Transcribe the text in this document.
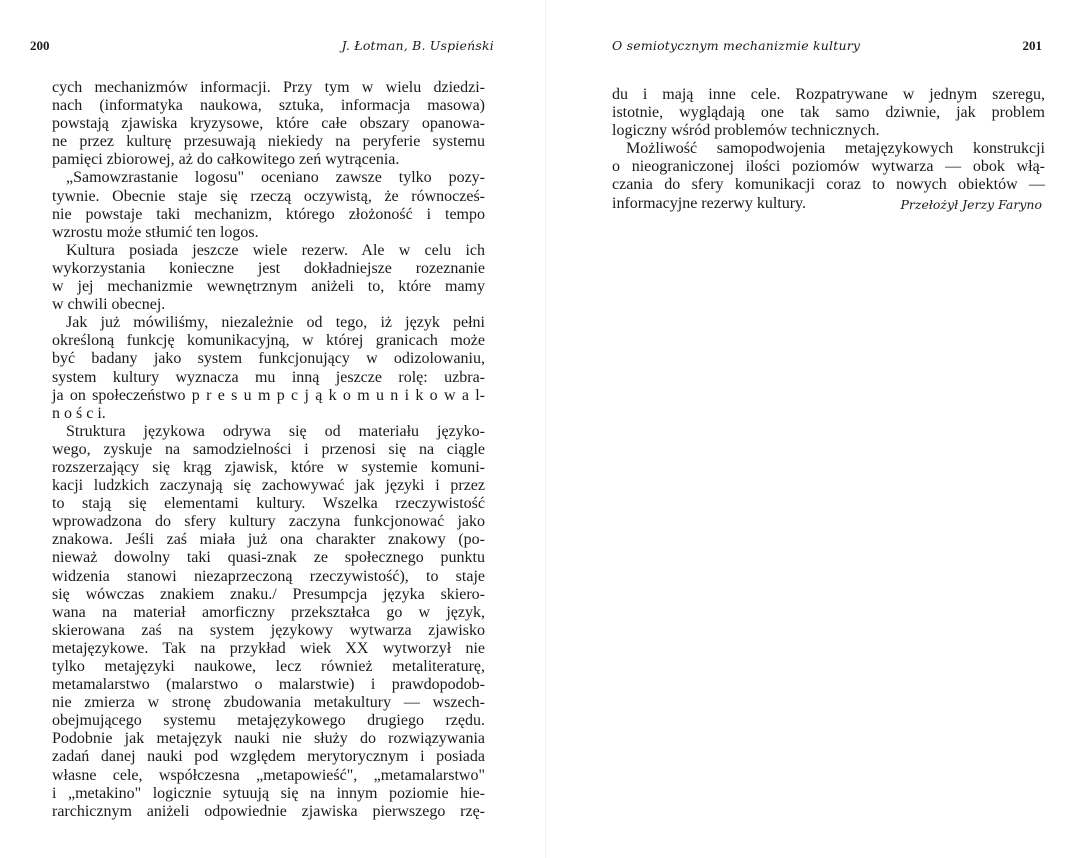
200	J. Łotman, B. Uspieński
cych mechanizmów informacji. Przy tym w wielu dziedzi-
nach (informatyka naukowa, sztuka, informacja masowa)
powstają zjawiska kryzysowe, które całe obszary opanowa-
ne przez kulturę przesuwają niekiedy na peryferie systemu
pamięci zbiorowej, aż do całkowitego zeń wytrącenia.
„Samowzrastanie logosu" oceniano zawsze tylko pozy-
tywnie. Obecnie staje się rzeczą oczywistą, że równocześ-
nie powstaje taki mechanizm, którego złożoność i tempo
wzrostu może stłumić ten logos.
Kultura posiada jeszcze wiele rezerw. Ale w celu ich
wykorzystania konieczne jest dokładniejsze rozeznanie
w jej mechanizmie wewnętrznym aniżeli to, które mamy
w chwili obecnej.
Jak już mówiliśmy, niezależnie od tego, iż język pełni
określoną funkcję komunikacyjną, w której granicach może
być badany jako system funkcjonujący w odizolowaniu,
system kultury wyznacza mu inną jeszcze rolę: uzbra-
ja on społeczeństwo p r e s u m p c j ą k o m u n i k o w a l-
n o ś c i.
Struktura językowa odrywa się od materiału języko-
wego, zyskuje na samodzielności i przenosi się na ciągle
rozszerzający się krąg zjawisk, które w systemie komuni-
kacji ludzkich zaczynają się zachowywać jak języki i przez
to stają się elementami kultury. Wszelka rzeczywistość
wprowadzona do sfery kultury zaczyna funkcjonować jako
znakowa. Jeśli zaś miała już ona charakter znakowy (po-
nieważ dowolny taki quasi-znak ze społecznego punktu
widzenia stanowi niezaprzeczoną rzeczywistość), to staje
się wówczas znakiem znaku./ Presumpcja języka skiero-
wana na materiał amorficzny przekształca go w język,
skierowana zaś na system językowy wytwarza zjawisko
metajęzykowe. Tak na przykład wiek XX wytworzył nie
tylko metajęzyki naukowe, lecz również metaliteraturę,
metamalarstwo (malarstwo o malarstwie) i prawdopodob-
nie zmierza w stronę zbudowania metakultury — wszech-
obejmującego systemu metajęzykowego drugiego rzędu.
Podobnie jak metajęzyk nauki nie służy do rozwiązywania
zadań danej nauki pod względem merytorycznym i posiada
własne cele, współczesna „metapowieść", „metamalarstwo"
i „metakino" logicznie sytuują się na innym poziomie hie-
rarchicznym aniżeli odpowiednie zjawiska pierwszego rzę-
O semiotycznym mechanizmie kultury	201
du i mają inne cele. Rozpatrywane w jednym szeregu,
istotnie, wyglądają one tak samo dziwnie, jak problem
logiczny wśród problemów technicznych.
Możliwość samopodwojenia metajęzykowych konstrukcji
o nieograniczonej ilości poziomów wytwarza — obok włą-
czania do sfery komunikacji coraz to nowych obiektów —
informacyjne rezerwy kultury.	Przełożył Jerzy Faryno
